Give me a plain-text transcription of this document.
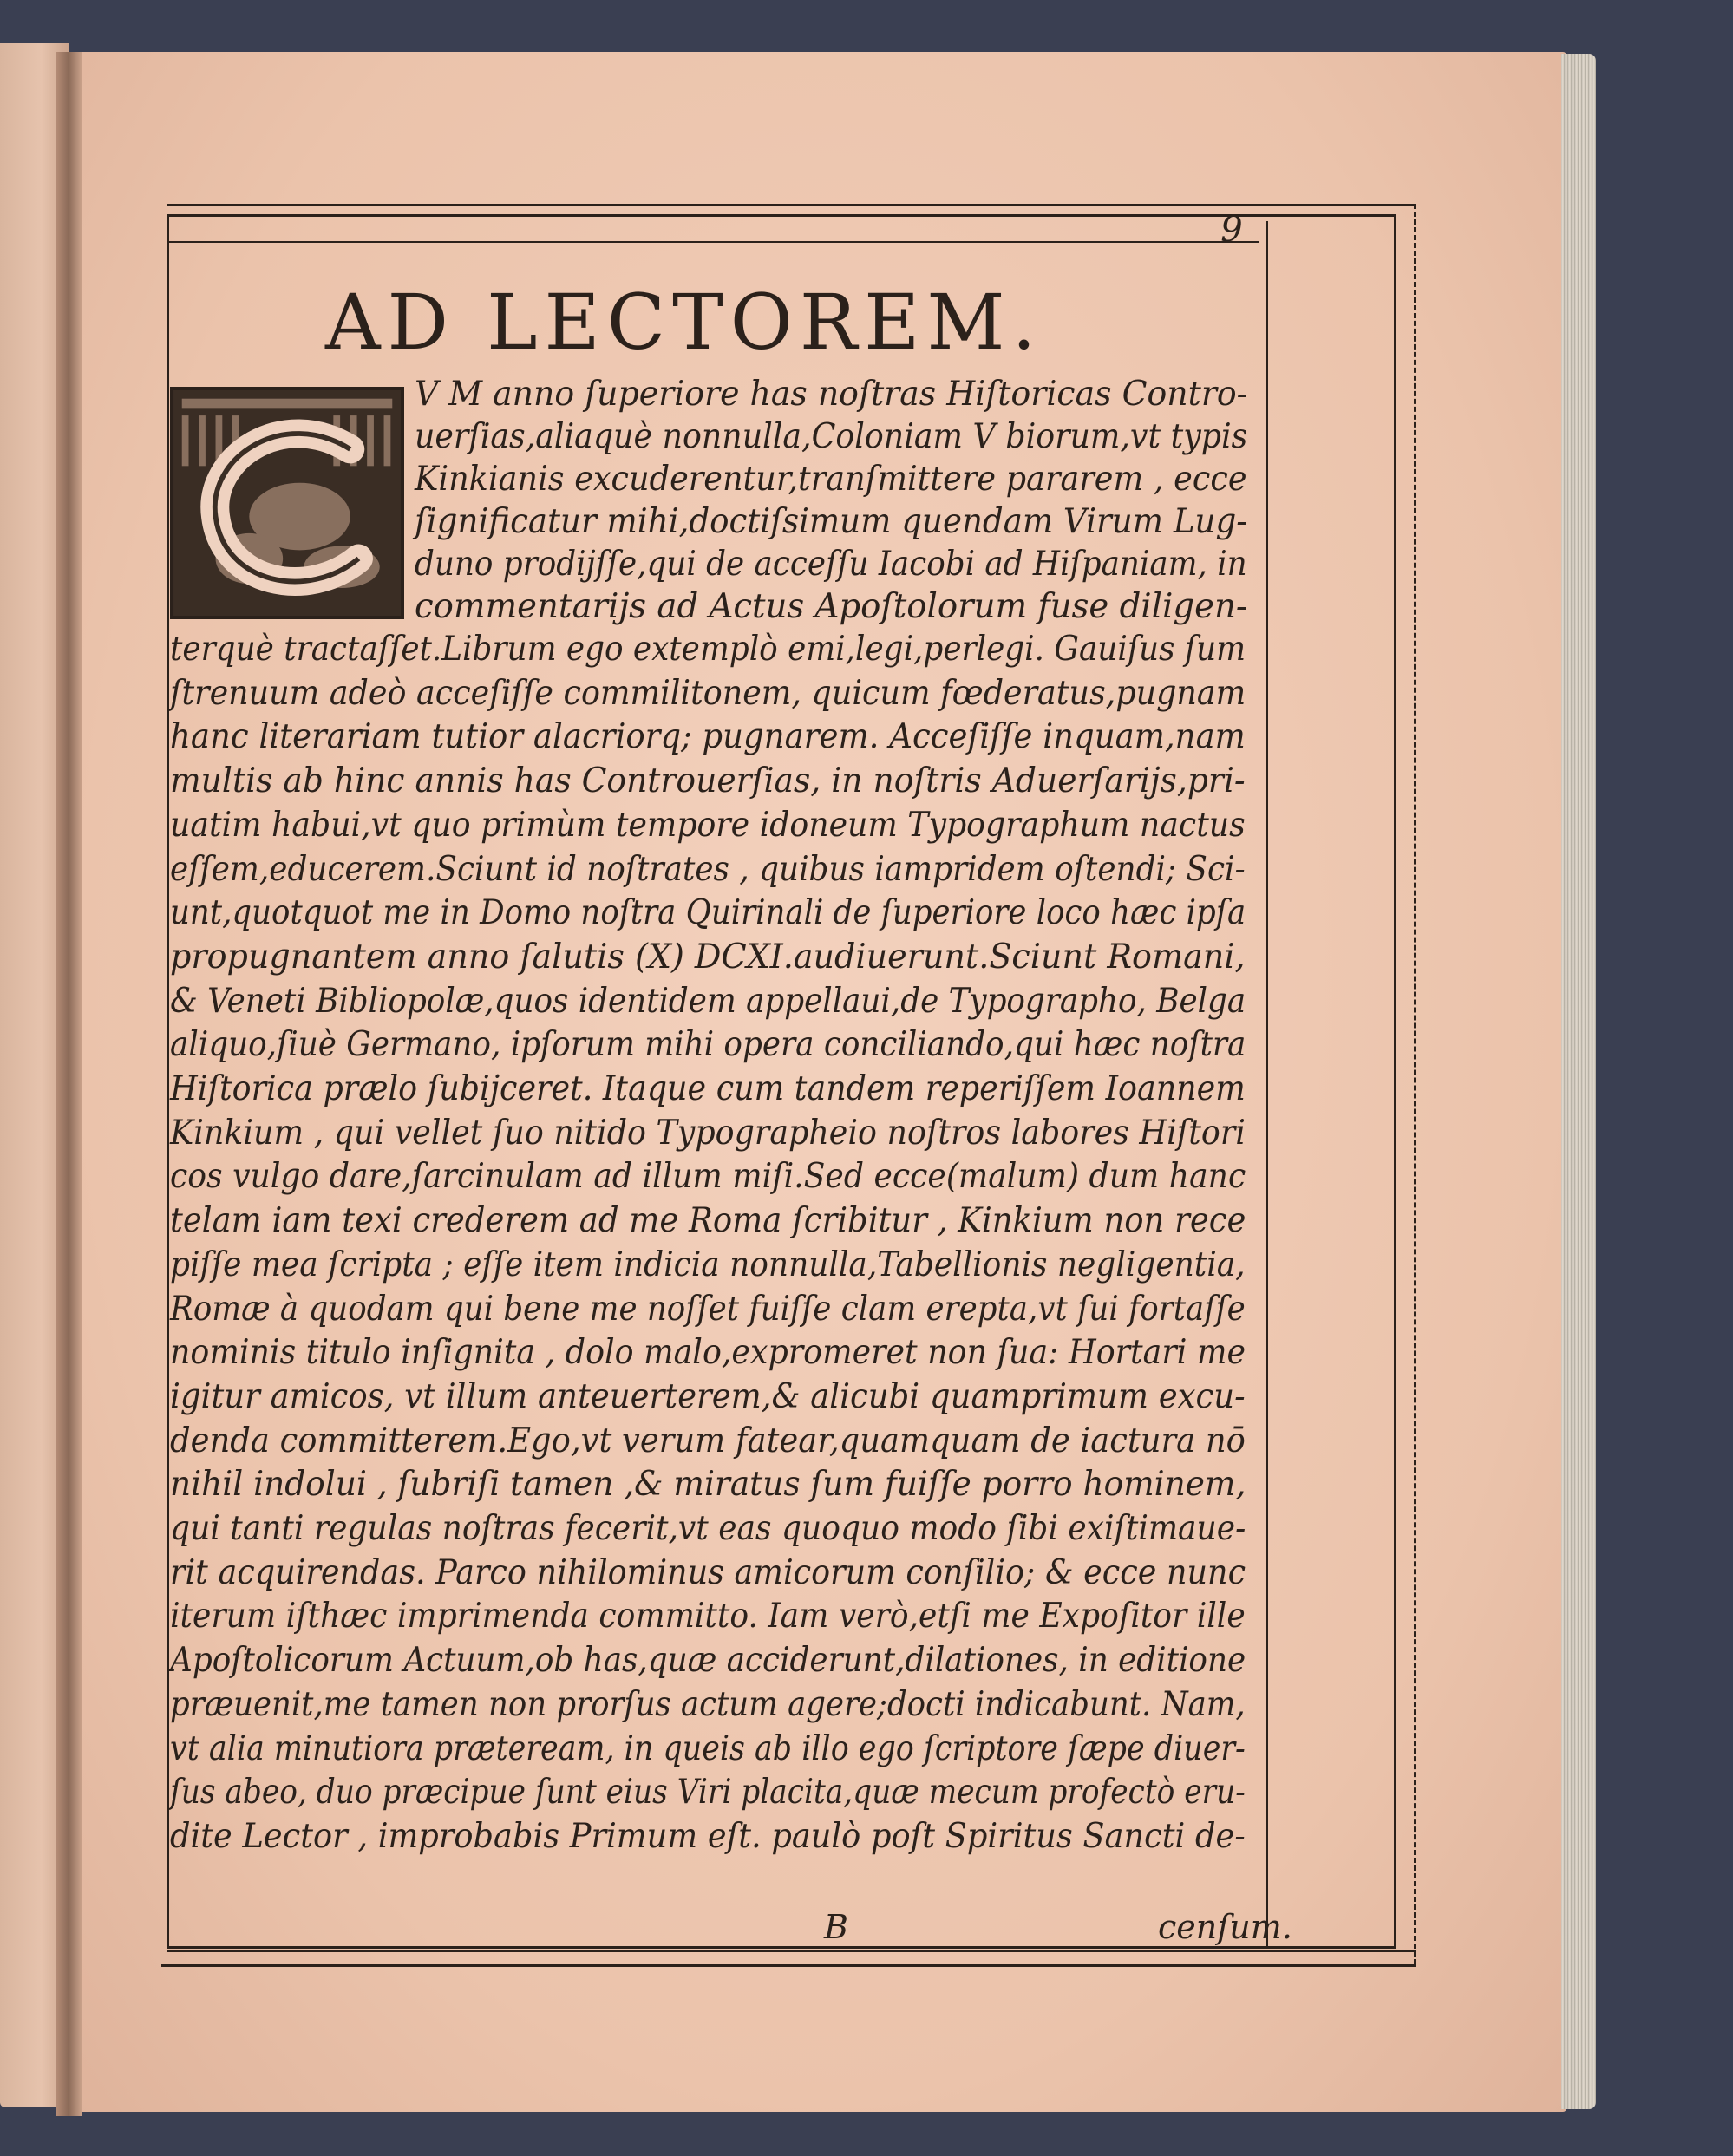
9
AD LECTOREM.
V M anno ſuperiore has noſtras Hiſtoricas Contro-
uerſias,aliaquè nonnulla,Coloniam V biorum,vt typis
Kinkianis excuderentur,tranſmittere pararem , ecce
ſignificatur mihi,doctiſsimum quendam Virum Lug-
duno prodijſſe,qui de acceſſu Iacobi ad Hiſpaniam, in
commentarijs ad Actus Apoſtolorum fuse diligen-
terquè tractaſſet.Librum ego extemplò emi,legi,perlegi. Gauiſus ſum
ſtrenuum adeò acceſiſſe commilitonem, quicum fœderatus,pugnam
hanc literariam tutior alacriorq; pugnarem. Acceſiſſe inquam,nam
multis ab hinc annis has Controuerſias, in noſtris Aduerſarijs,pri-
uatim habui,vt quo primùm tempore idoneum Typographum nactus
eſſem,educerem.Sciunt id noſtrates , quibus iampridem oſtendi; Sci-
unt,quotquot me in Domo noſtra Quirinali de ſuperiore loco hæc ipſa
propugnantem anno ſalutis (X) DCXI.audiuerunt.Sciunt Romani,
& Veneti Bibliopolæ,quos identidem appellaui,de Typographo, Belga
aliquo,ſiuè Germano, ipſorum mihi opera conciliando,qui hæc noſtra
Hiſtorica prælo ſubijceret. Itaque cum tandem reperiſſem Ioannem
Kinkium , qui vellet ſuo nitido Typographeio noſtros labores Hiſtori
cos vulgo dare,ſarcinulam ad illum miſi.Sed ecce(malum) dum hanc
telam iam texi crederem ad me Roma ſcribitur , Kinkium non rece
piſſe mea ſcripta ; eſſe item indicia nonnulla,Tabellionis negligentia,
Romæ à quodam qui bene me noſſet fuiſſe clam erepta,vt ſui fortaſſe
nominis titulo inſignita , dolo malo,expromeret non ſua: Hortari me
igitur amicos, vt illum anteuerterem,& alicubi quamprimum excu-
denda committerem.Ego,vt verum fatear,quamquam de iactura nō
nihil indolui , ſubriſi tamen ,& miratus ſum fuiſſe porro hominem,
qui tanti regulas noſtras fecerit,vt eas quoquo modo ſibi exiſtimaue-
rit acquirendas. Parco nihilominus amicorum conſilio; & ecce nunc
iterum iſthæc imprimenda committo. Iam verò,etſi me Expoſitor ille
Apoſtolicorum Actuum,ob has,quæ acciderunt,dilationes, in editione
præuenit,me tamen non prorſus actum agere;docti indicabunt. Nam,
vt alia minutiora præteream, in queis ab illo ego ſcriptore ſæpe diuer-
ſus abeo, duo præcipue ſunt eius Viri placita,quæ mecum profectò eru-
dite Lector , improbabis Primum eſt. paulò poſt Spiritus Sancti de-
B	cenſum.
